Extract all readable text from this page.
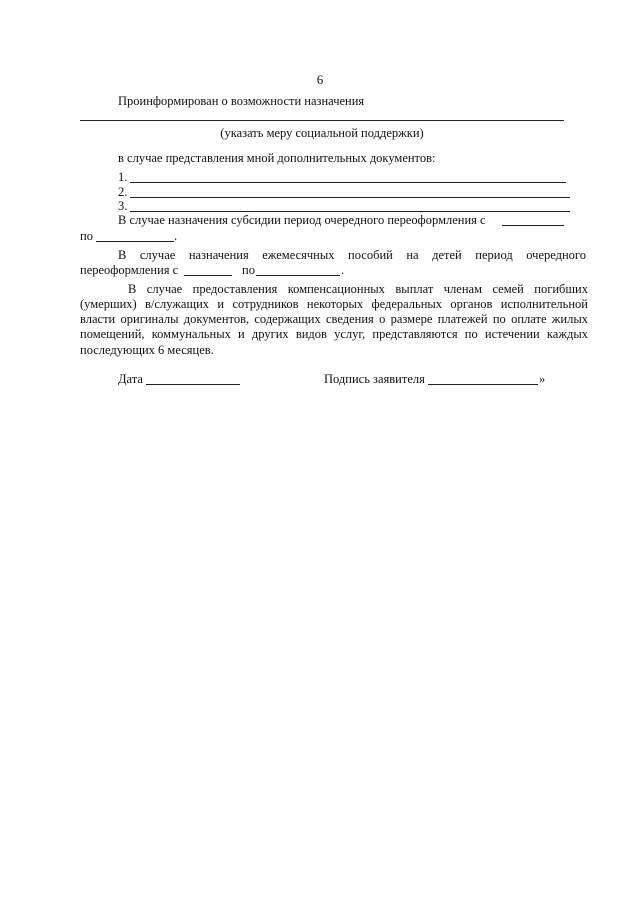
6
Проинформирован о возможности назначения
(указать меру социальной поддержки)
в случае представления мной дополнительных документов:
1.
2.
3.
В случае назначения субсидии период очередного переоформления с
по	.
В случае назначения ежемесячных пособий на детей период очередного
переоформления с	по	.
В случае предоставления компенсационных выплат членам семей погибших
(умерших) в/служащих и сотрудников некоторых федеральных органов исполнительной
власти оригиналы документов, содержащих сведения о размере платежей по оплате жилых
помещений, коммунальных и других видов услуг, представляются по истечении каждых
последующих 6 месяцев.
Дата	Подпись заявителя	»
